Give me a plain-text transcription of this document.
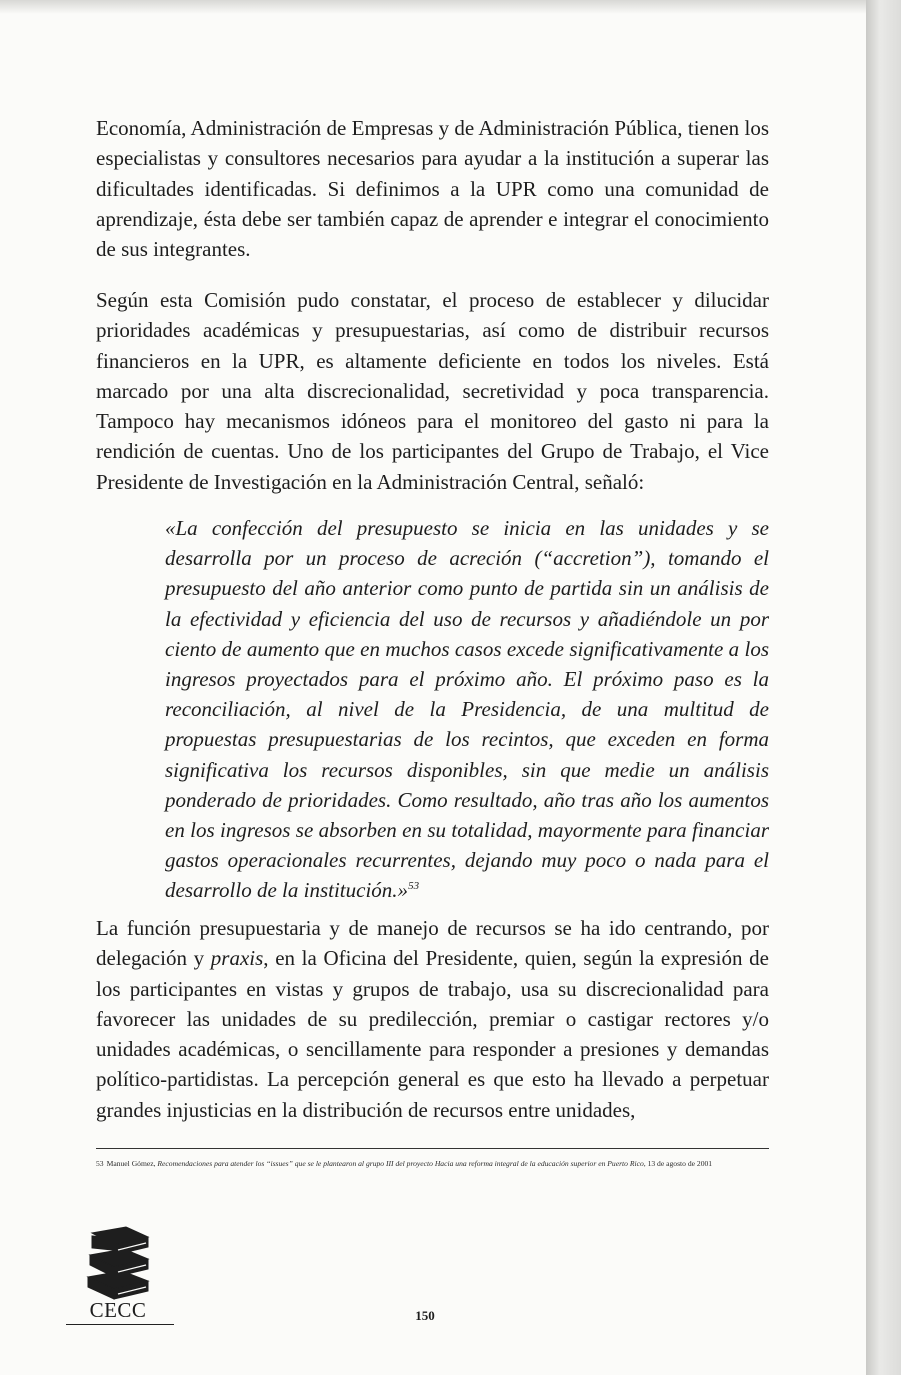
Economía, Administración de Empresas y de Administración Pública, tienen los especialistas y consultores necesarios para ayudar a la institución a superar las dificultades identificadas. Si definimos a la UPR como una comunidad de aprendizaje, ésta debe ser también capaz de aprender e integrar el conocimiento de sus integrantes.

Según esta Comisión pudo constatar, el proceso de establecer y dilucidar prioridades académicas y presupuestarias, así como de distribuir recursos financieros en la UPR, es altamente deficiente en todos los niveles. Está marcado por una alta discrecionalidad, secretividad y poca transparencia. Tampoco hay mecanismos idóneos para el monitoreo del gasto ni para la rendición de cuentas. Uno de los participantes del Grupo de Trabajo, el Vice Presidente de Investigación en la Administración Central, señaló:

«La confección del presupuesto se inicia en las unidades y se desarrolla por un proceso de acreción (“accretion”), tomando el presupuesto del año anterior como punto de partida sin un análisis de la efectividad y eficiencia del uso de recursos y añadiéndole un por ciento de aumento que en muchos casos excede significativamente a los ingresos proyectados para el próximo año. El próximo paso es la reconciliación, al nivel de la Presidencia, de una multitud de propuestas presupuestarias de los recintos, que exceden en forma significativa los recursos disponibles, sin que medie un análisis ponderado de prioridades. Como resultado, año tras año los aumentos en los ingresos se absorben en su totalidad, mayormente para financiar gastos operacionales recurrentes, dejando muy poco o nada para el desarrollo de la institución.»$^{53}$

La función presupuestaria y de manejo de recursos se ha ido centrando, por delegación y praxis, en la Oficina del Presidente, quien, según la expresión de los participantes en vistas y grupos de trabajo, usa su discrecionalidad para favorecer las unidades de su predilección, premiar o castigar rectores y/o unidades académicas, o sencillamente para responder a presiones y demandas político-partidistas. La percepción general es que esto ha llevado a perpetuar grandes injusticias en la distribución de recursos entre unidades,

53 Manuel Gómez, Recomendaciones para atender los “issues” que se le plantearon al grupo III del proyecto Hacia una reforma integral de la educación superior en Puerto Rico, 13 de agosto de 2001

CECC	150
